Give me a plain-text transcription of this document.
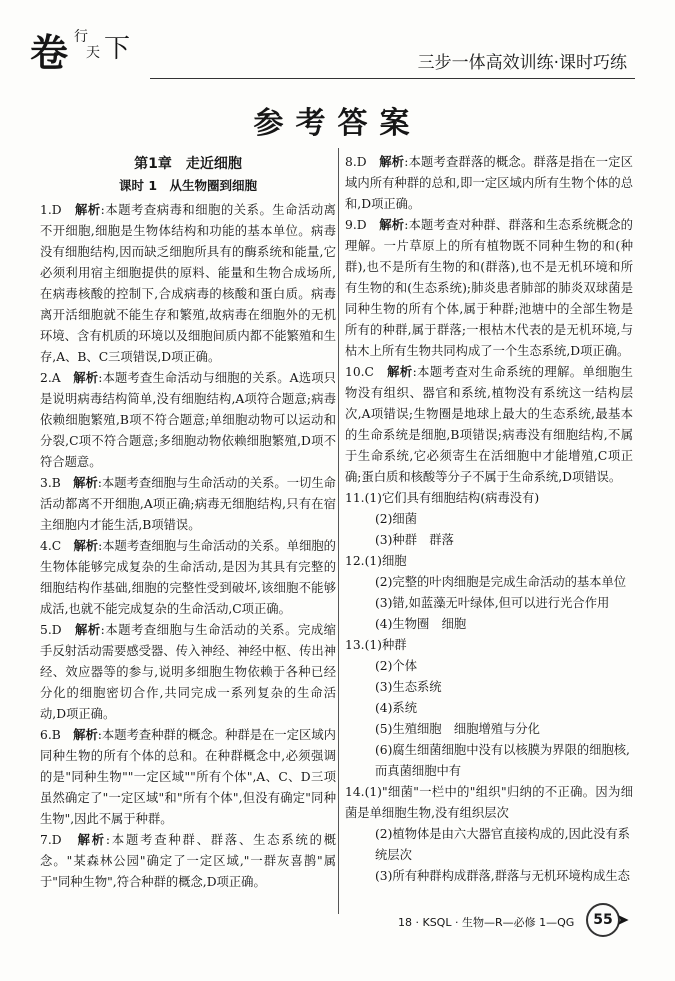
卷 行
天 下	三步一体高效训练·课时巧练
参考答案
第1章　走近细胞
课时 1　从生物圈到细胞

1.D　 解析:本题考查病毒和细胞的关系。生命活动离不开细胞,细胞是生物体结构和功能的基本单位。病毒没有细胞结构,因而缺乏细胞所具有的酶系统和能量,它必须利用宿主细胞提供的原料、能量和生物合成场所,在病毒核酸的控制下,合成病毒的核酸和蛋白质。病毒离开活细胞就不能生存和繁殖,故病毒在细胞外的无机环境、含有机质的环境以及细胞间质内都不能繁殖和生存,A、B、C三项错误,D项正确。

2.A　 解析:本题考查生命活动与细胞的关系。A选项只是说明病毒结构简单,没有细胞结构,A项符合题意;病毒依赖细胞繁殖,B项不符合题意;单细胞动物可以运动和分裂,C项不符合题意;多细胞动物依赖细胞繁殖,D项不符合题意。

3.B　 解析:本题考查细胞与生命活动的关系。一切生命活动都离不开细胞,A项正确;病毒无细胞结构,只有在宿主细胞内才能生活,B项错误。

4.C　 解析:本题考查细胞与生命活动的关系。单细胞的生物体能够完成复杂的生命活动,是因为其具有完整的细胞结构作基础,细胞的完整性受到破坏,该细胞不能够成活,也就不能完成复杂的生命活动,C项正确。

5.D　 解析:本题考查细胞与生命活动的关系。完成缩手反射活动需要感受器、传入神经、神经中枢、传出神经、效应器等的参与,说明多细胞生物依赖于各种已经分化的细胞密切合作,共同完成一系列复杂的生命活动,D项正确。

6.B　 解析:本题考查种群的概念。种群是在一定区域内同种生物的所有个体的总和。在种群概念中,必须强调的是"同种生物""一定区域""所有个体",A、C、D三项虽然确定了"一定区域"和"所有个体",但没有确定"同种生物",因此不属于种群。

7.D　 解析:本题考查种群、群落、生态系统的概念。"某森林公园"确定了一定区域,"一群灰喜鹊"属于"同种生物",符合种群的概念,D项正确。

8.D　 解析:本题考查群落的概念。群落是指在一定区域内所有种群的总和,即一定区域内所有生物个体的总和,D项正确。

9.D　 解析:本题考查对种群、群落和生态系统概念的理解。一片草原上的所有植物既不同种生物的和(种群),也不是所有生物的和(群落),也不是无机环境和所有生物的和(生态系统);肺炎患者肺部的肺炎双球菌是同种生物的所有个体,属于种群;池塘中的全部生物是所有的种群,属于群落;一根枯木代表的是无机环境,与枯木上所有生物共同构成了一个生态系统,D项正确。

10.C　 解析:本题考查对生命系统的理解。单细胞生物没有组织、器官和系统,植物没有系统这一结构层次,A项错误;生物圈是地球上最大的生态系统,最基本的生命系统是细胞,B项错误;病毒没有细胞结构,不属于生命系统,它必须寄生在活细胞中才能增殖,C项正确;蛋白质和核酸等分子不属于生命系统,D项错误。

11.(1)它们具有细胞结构(病毒没有)

(2)细菌

(3)种群　群落

12.(1)细胞

(2)完整的叶肉细胞是完成生命活动的基本单位

(3)错,如蓝藻无叶绿体,但可以进行光合作用

(4)生物圈　细胞

13.(1)种群

(2)个体

(3)生态系统

(4)系统

(5)生殖细胞　细胞增殖与分化

(6)腐生细菌细胞中没有以核膜为界限的细胞核,而真菌细胞中有

14.(1)"细菌"一栏中的"组织"归纳的不正确。因为细菌是单细胞生物,没有组织层次

(2)植物体是由六大器官直接构成的,因此没有系统层次

(3)所有种群构成群落,群落与无机环境构成生态

18 · KSQL · 生物—R—必修 1—QG	55 ➤
